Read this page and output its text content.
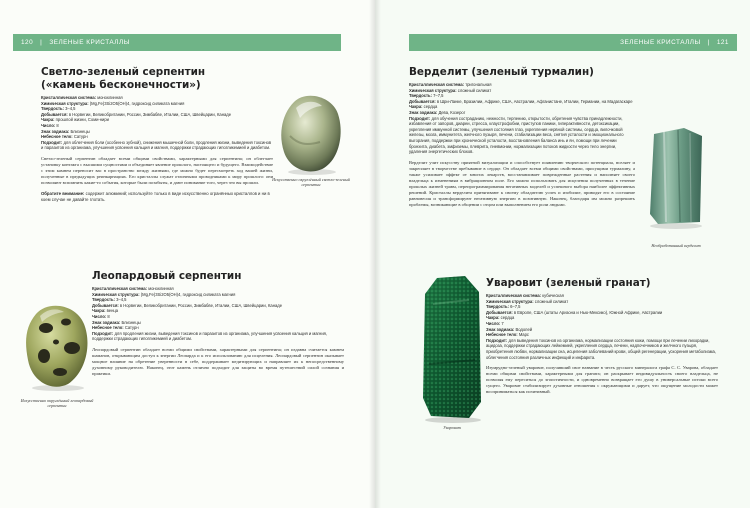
120 | ЗЕЛЕНЫЕ КРИСТАЛЛЫ
Светло-зеленый серпентин
(«камень бесконечности»)
Кристаллическая система: моноклинная
Химическая структура: (Mg,Fe)3Si2O5(OH)4, гидроксид силиката магния
Твердость: 3–4,5
Добывается: в Норвегии, Великобритании, России, Зимбабве, Италии, США, Швейцарии, Канаде
Чакра: прошлой жизни, Соми-нири
Число: 8
Знак зодиака: Близнецы
Небесное тело: Сатурн
Подходит: для облегчения боли (особенно зубной), снижения мышечной боли, продления жизни, выведения токсинов и паразитов из организма, улучшения усвоения кальция и магния, поддержки страдающих гипогликемией и диабетом.
Светло-зеленый серпентин обладает всеми общими свойствами, характерными для серпентина; он облегчает установку контакта с высшими сущностями и объединяет явление прошлого, настоящего и будущего. Взаимодействие с этим камнем переносит вас в пространство между жизнями, где можно будет пересмотреть ход вашей жизни, полученные в предыдущих реинкарнациях. Его кристаллы служат отличными проводниками к миру прошлого: они позволяют вспомнить какие-то события, которые были позабыты, и дают понимание того, через что вы прошли.
Обратите внимание: содержит алюминий; используйте только в виде искусственно огранённых кристаллов и ни в коем случае не давайте глотать.
Искусственно округлённый светло-зеленый серпентин
Леопардовый серпентин
Кристаллическая система: моноклинная
Химическая структура: (Mg,Fe)3Si2O5(OH)4, гидроксид силиката магния
Твердость: 3–4,5
Добывается: в Норвегии, Великобритании, России, Зимбабве, Италии, США, Швейцарии, Канаде
Чакра: венца
Число: 8
Знак зодиака: Близнецы
Небесное тело: Сатурн
Подходит: для продления жизни, выведения токсинов и паразитов из организма, улучшения усвоения кальция и магния, поддержки страдающих гипогликемией и диабетом.
Леопардовый серпентин обладает всеми общими свойствами, характерными для серпентина; он издавна считается камнем шаманов, открывающим доступ к энергии Леопарда и к его использованию для исцеления. Леопардовый серпентин оказывает мощное влияние на обретение уверенности в себе, поддерживает медитирующих и направляет их к непосредственному духовному руководителю. Наконец, этот камень отлично подходит для защиты во время путешествий силой сознания и практики.
Искусственно округлённый леопардовый серпентин
ЗЕЛЕНЫЕ КРИСТАЛЛЫ | 121
Верделит (зеленый турмалин)
Кристаллическая система: тригональная
Химическая структура: сложный силикат
Твердость: 7–7,5
Добывается: в Шри-Ланке, Бразилии, Африке, США, Австралии, Афганистане, Италии, Германии, на Мадагаскаре
Чакра: сердца
Знак зодиака: Дева, Козерог
Подходит: для обучения состраданию, нежности, терпению, открытости, обретения чувства принадлежности, избавления от запоров, диареи, стресса, клаустрофобии, приступов паники, гиперактивности, детоксикации, укрепления иммунной системы, улучшения состояния глаз, укрепления нервной системы, сердца, вилочковой железы, мозга, иммунитета, желчного пузыря, печени, стабилизации веса, снятия усталости и эмоционального выгорания, поддержки при хронической усталости, восстановления баланса инь и ян, помощи при лечении бронхита, диабета, эмфиземы, плеврита, пневмонии, нормализации потоков жидкости через тело энергии, удаления энергетических блоков.
Верделит учит искусству приятной визуализации и способствует появлению творческого потенциала, вселяет и закрепляет в творчестве пребывание в сердце. Он обладает всеми общими свойствами, присущими турмалину, а также усиливает эффект от многих лекарств, восстанавливает поврежденные растения и наполняет своего владельца к изменениям в вибрационном поле. Его можно использовать для исцеления полученных в течение прошлых жизней травм, перепрограммирования негативных моделей и успешного выбора наиболее эффективных решений. Кристаллы верделита притягивают к своему обладателю успех и изобилие, приводят его в состояние равновесия и трансформируют негативную энергию в позитивную. Наконец, благодаря им можно разрешить проблемы, возникающие в общении с отцом или выполнением его роли людьми.
Необработанный верделит
Уваровит (зеленый гранат)
Кристаллическая система: кубическая
Химическая структура: сложный силикат
Твердость: 6–7,5
Добывается: в Европе, США (штаты Аризона и Нью-Мексико), Южной Африке, Австралии
Чакра: сердца
Число: 7
Знак зодиака: Водолей
Небесное тело: Марс
Подходит: для выведения токсинов из организма, нормализации состояния кожи, помощи при лечении лихорадки, ацидоза, поддержки страдающих лейкемией, укрепления сердца, печени, надпочечников и желчного пузыря, приобретения любви, нормализации сна, исцеления заболеваний крови, общей регенерации, ускорения метаболизма, облегчения состояния различных инфекций и инфаркта.
Изумрудно-зеленый уваровит, получивший свое название в честь русского минералога графа С. С. Уварова, обладает всеми общими свойствами, характерными для граната; он раскрывает индивидуальность своего владельца, не позволяя ему переситься до эгоистичности, и одновременно возвращает его душу в универсальные истоки всего сущего. Уваровит стабилизирует духовные отношения с окружающими и дарует, что ощущение молодости может восприниматься как позитивный.
Уваровит
